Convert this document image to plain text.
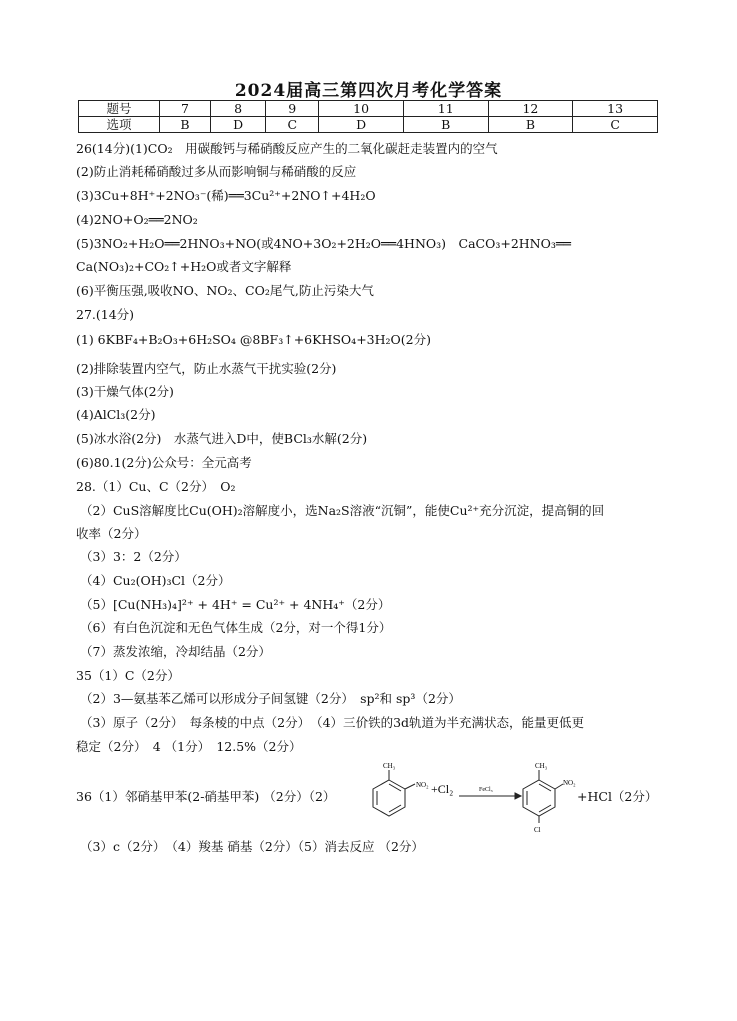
2024届高三第四次月考化学答案
题号	7	8	9	10	11	12	13
选项	B	D	C	D	B	B	C
26(14分)(1)CO₂　用碳酸钙与稀硝酸反应产生的二氧化碳赶走装置内的空气
(2)防止消耗稀硝酸过多从而影响铜与稀硝酸的反应
(3)3Cu+8H⁺+2NO₃⁻(稀)══3Cu²⁺+2NO↑+4H₂O
(4)2NO+O₂══2NO₂
(5)3NO₂+H₂O══2HNO₃+NO(或4NO+3O₂+2H₂O══4HNO₃)　CaCO₃+2HNO₃══
Ca(NO₃)₂+CO₂↑+H₂O或者文字解释
(6)平衡压强,吸收NO、NO₂、CO₂尾气,防止污染大气
27.(14分)
(1) 6KBF₄+B₂O₃+6H₂SO₄ @8BF₃↑+6KHSO₄+3H₂O(2分)
(2)排除装置内空气，防止水蒸气干扰实验(2分)
(3)干燥气体(2分)
(4)AlCl₃(2分)
(5)冰水浴(2分)　水蒸气进入D中，使BCl₃水解(2分)
(6)80.1(2分)公众号：全元高考
28.（1）Cu、C（2分）　O₂
（2）CuS溶解度比Cu(OH)₂溶解度小，选Na₂S溶液“沉铜”，能使Cu²⁺充分沉淀，提高铜的回
收率（2分）
（3）3：2（2分）
（4）Cu₂(OH)₃Cl（2分）
（5）[Cu(NH₃)₄]²⁺ + 4H⁺ = Cu²⁺ + 4NH₄⁺（2分）
（6）有白色沉淀和无色气体生成（2分，对一个得1分）
（7）蒸发浓缩，冷却结晶（2分）
35（1）C（2分）
（2）3—氨基苯乙烯可以形成分子间氢键（2分）　sp²和 sp³（2分）
（3）原子（2分）　每条棱的中点（2分）　（4）三价铁的3d轨道为半充满状态，能量更低更
稳定（2分）　4 （1分）　12.5%（2分）
36（1）邻硝基甲苯(2-硝基甲苯) （2分）（2）
CH₃
NO₂ +Cl₂	FeCl₃
CH₃
NO₂
Cl
+HCl（2分）
（3）c（2分）　（4）羧基 硝基（2分）（5）消去反应 （2分）
